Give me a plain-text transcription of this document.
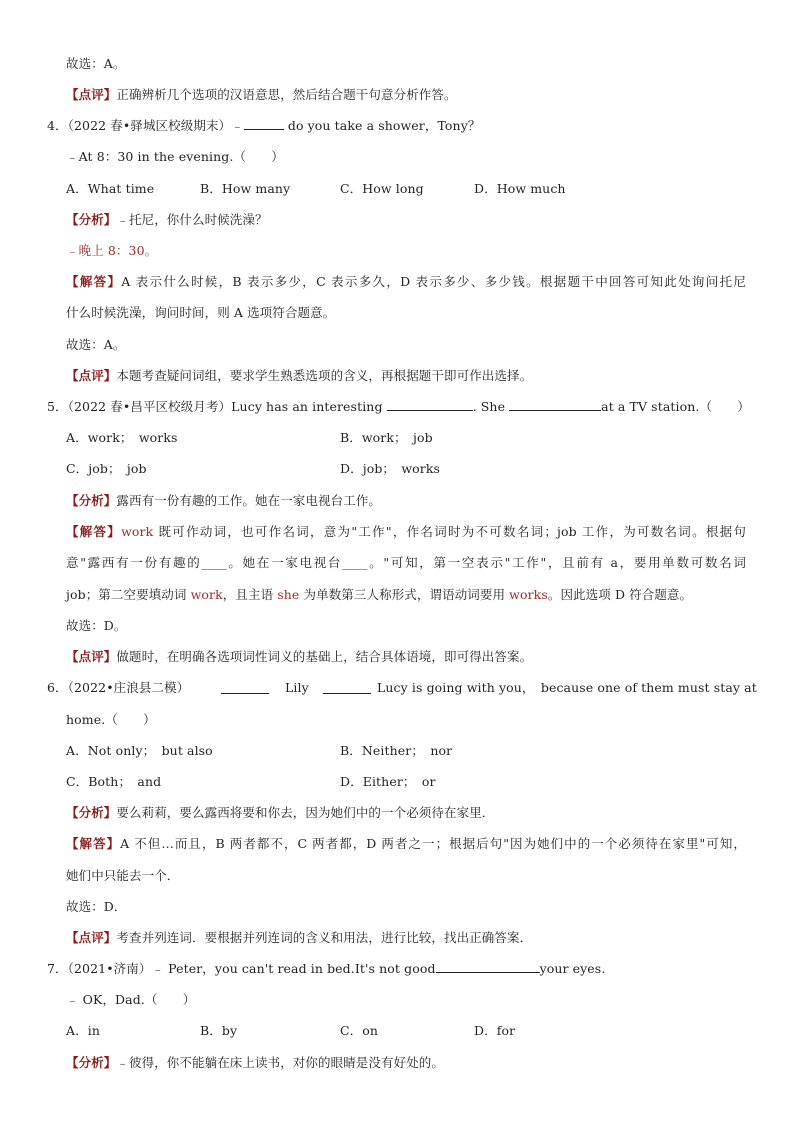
故选：A。
【点评】正确辨析几个选项的汉语意思，然后结合题干句意分析作答。
4．（2022 春•驿城区校级期末）﹣	do you take a shower，Tony？
﹣At 8：30 in the evening.（　　）
A．What time	B．How many	C．How long	D．How much
【分析】﹣托尼，你什么时候洗澡？
﹣晚上 8：30。
【解答】A 表示什么时候，B 表示多少，C 表示多久，D 表示多少、多少钱。根据题干中回答可知此处询问托尼
什么时候洗澡，询问时间，则 A 选项符合题意。
故选：A。
【点评】本题考查疑问词组，要求学生熟悉选项的含义，再根据题干即可作出选择。
5．（2022 春•昌平区校级月考）Lucy has an interesting	. She	at a TV station.（　　）
A．work；　works	B．work；　job
C．job；　job	D．job；　works
【分析】露西有一份有趣的工作。她在一家电视台工作。
【解答】work 既可作动词，也可作名词，意为"工作"，作名词时为不可数名词；job 工作，为可数名词。根据句
意"露西有一份有趣的____。她在一家电视台____。"可知，第一空表示"工作"，且前有 a，要用单数可数名词
job；第二空要填动词 work，且主语 she 为单数第三人称形式，谓语动词要用 works。因此选项 D 符合题意。
故选：D。
【点评】做题时，在明确各选项词性词义的基础上，结合具体语境，即可得出答案。
6．（2022•庄浪县二模）	Lily	Lucy is going with you，　because one of them must stay at
home.（　　）
A．Not only；　but also	B．Neither；　nor
C．Both；　and	D．Either；　or
【分析】要么莉莉，要么露西将要和你去，因为她们中的一个必须待在家里．
【解答】A 不但…而且，B 两者都不，C 两者都，D 两者之一；根据后句"因为她们中的一个必须待在家里"可知，
她们中只能去一个．
故选：D．
【点评】考查并列连词．要根据并列连词的含义和用法，进行比较，找出正确答案．
7．（2021•济南）﹣ Peter，you can't read in bed.It's not good	your eyes.
﹣ OK，Dad.（　　）
A．in	B．by	C．on	D．for
【分析】﹣彼得，你不能躺在床上读书，对你的眼睛是没有好处的。
